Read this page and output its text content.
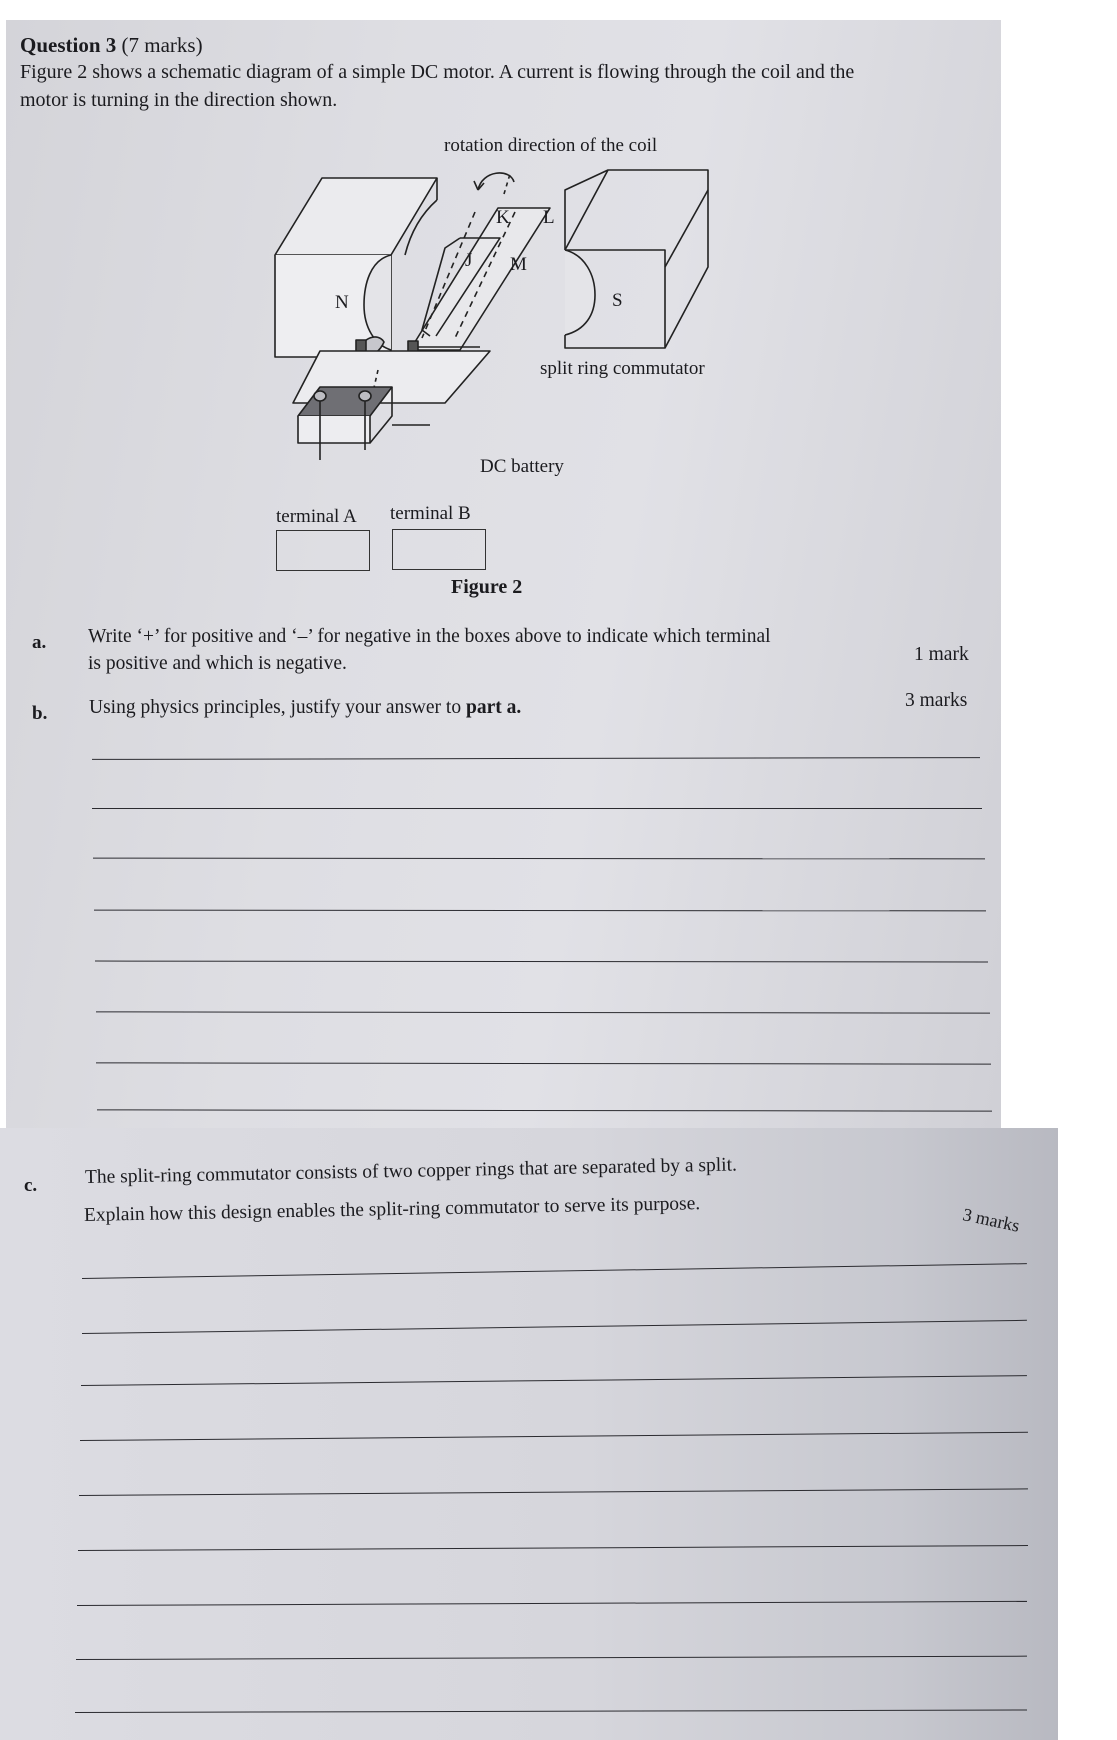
Question 3 (7 marks)
Figure 2 shows a schematic diagram of a simple DC motor. A current is flowing through the coil and the
motor is turning in the direction shown.
rotation direction of the coil
K L
J M
N	S
split ring commutator
DC battery
terminal A terminal B
Figure 2
a. Write ‘+’ for positive and ‘–’ for negative in the boxes above to indicate which terminal
is positive and which is negative.	1 mark
b. Using physics principles, justify your answer to part a.	3 marks
c. The split-ring commutator consists of two copper rings that are separated by a split.
Explain how this design enables the split-ring commutator to serve its purpose.	3 marks
